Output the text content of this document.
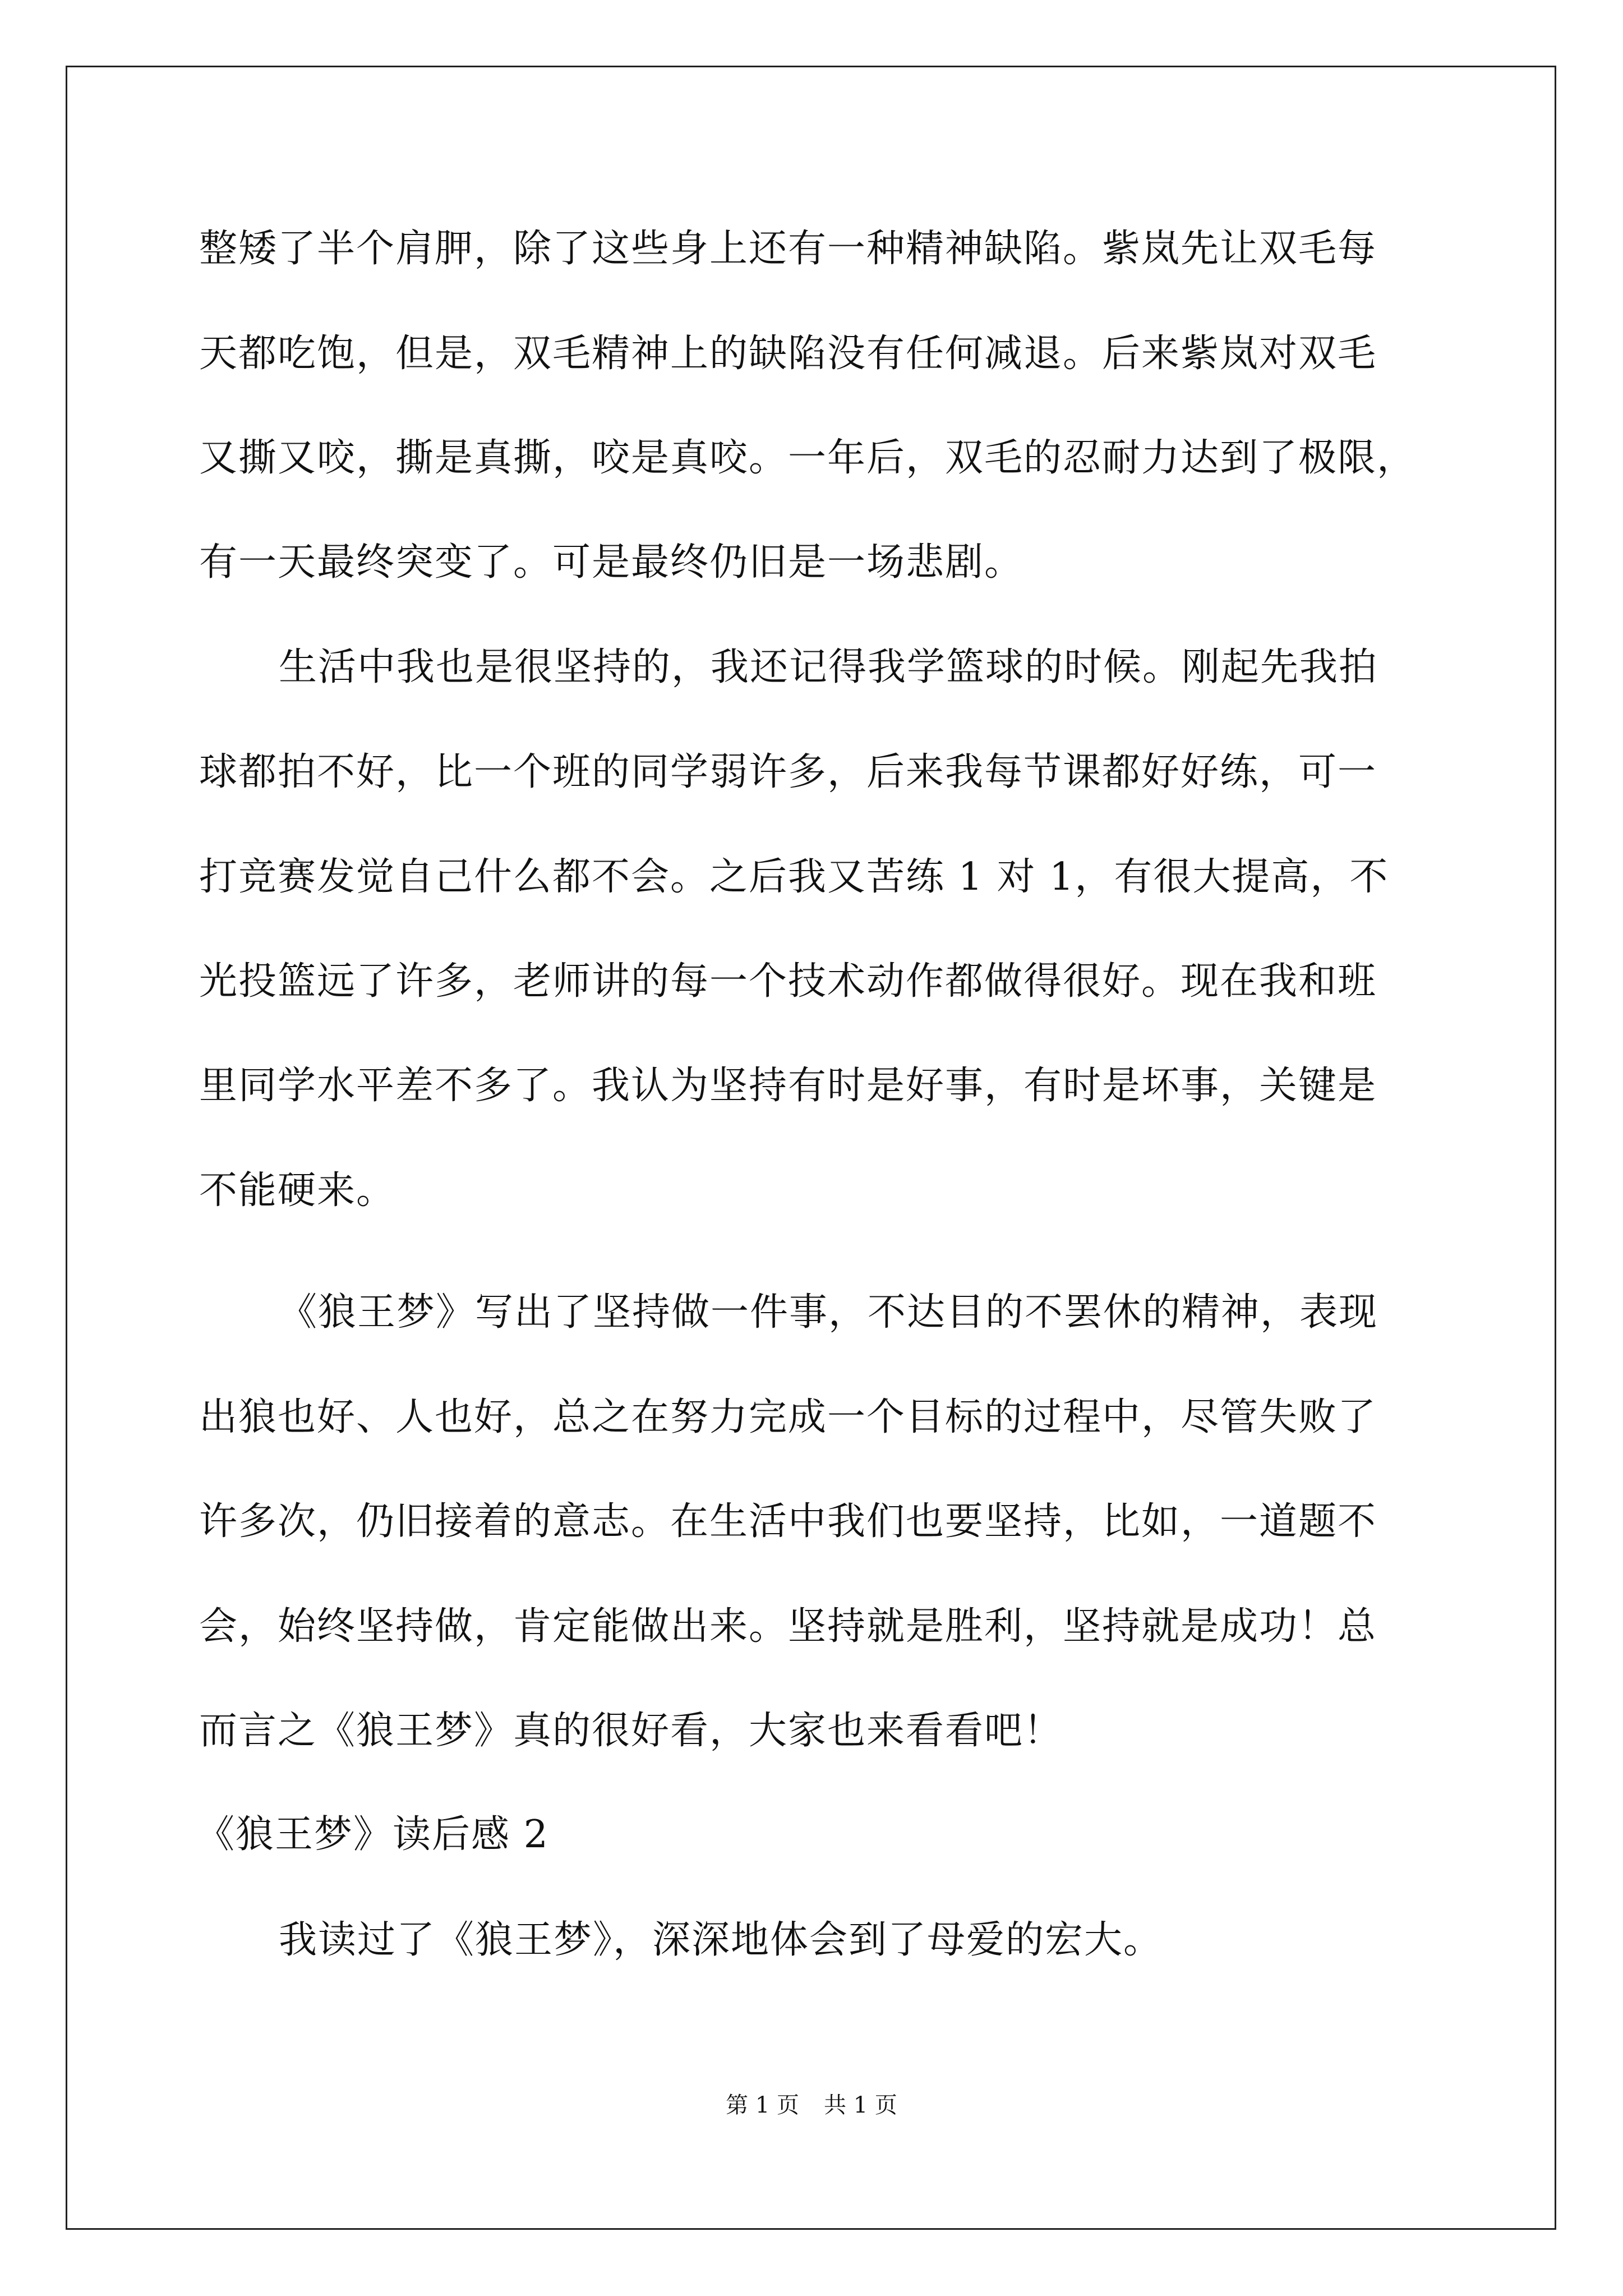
整矮了半个肩胛，除了这些身上还有一种精神缺陷。紫岚先让双毛每
天都吃饱，但是，双毛精神上的缺陷没有任何减退。后来紫岚对双毛
又撕又咬，撕是真撕，咬是真咬。一年后，双毛的忍耐力达到了极限，
有一天最终突变了。可是最终仍旧是一场悲剧。
生活中我也是很坚持的，我还记得我学篮球的时候。刚起先我拍
球都拍不好，比一个班的同学弱许多，后来我每节课都好好练，可一
打竞赛发觉自己什么都不会。之后我又苦练 1 对 1，有很大提高，不
光投篮远了许多，老师讲的每一个技术动作都做得很好。现在我和班
里同学水平差不多了。我认为坚持有时是好事，有时是坏事，关键是
不能硬来。
《狼王梦》写出了坚持做一件事，不达目的不罢休的精神，表现
出狼也好、人也好，总之在努力完成一个目标的过程中，尽管失败了
许多次，仍旧接着的意志。在生活中我们也要坚持，比如，一道题不
会，始终坚持做，肯定能做出来。坚持就是胜利，坚持就是成功！总
而言之《狼王梦》真的很好看，大家也来看看吧！
《狼王梦》读后感 2
我读过了《狼王梦》，深深地体会到了母爱的宏大。
第 1 页 共 1 页
